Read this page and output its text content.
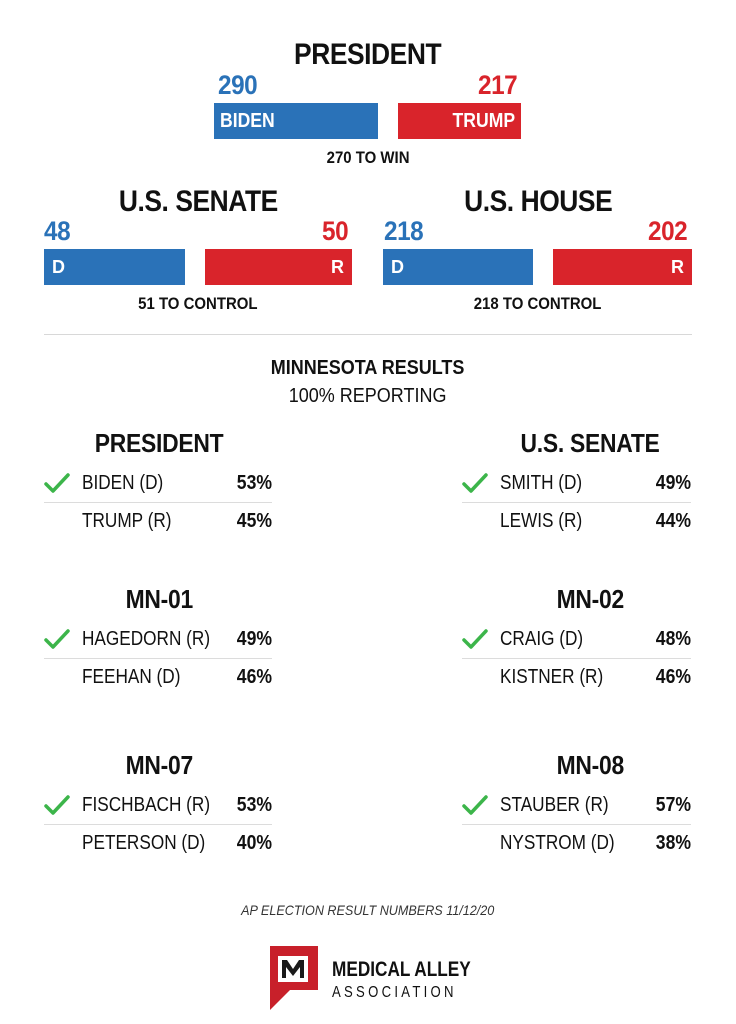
PRESIDENT
290	217
BIDEN	TRUMP
270 TO WIN
U.S. SENATE
48	50
D	R
51 TO CONTROL
U.S. HOUSE
218	202
D	R
218 TO CONTROL
MINNESOTA RESULTS
100% REPORTING
PRESIDENT
BIDEN (D)	53%
TRUMP (R)	45%
U.S. SENATE
SMITH (D)	49%
LEWIS (R)	44%
MN-01
HAGEDORN (R)	49%
FEEHAN (D)	46%
MN-02
CRAIG (D)	48%
KISTNER (R)	46%
MN-07
FISCHBACH (R)	53%
PETERSON (D)	40%
MN-08
STAUBER (R)	57%
NYSTROM (D)	38%
AP ELECTION RESULT NUMBERS 11/12/20
MEDICAL ALLEY
ASSOCIATION
